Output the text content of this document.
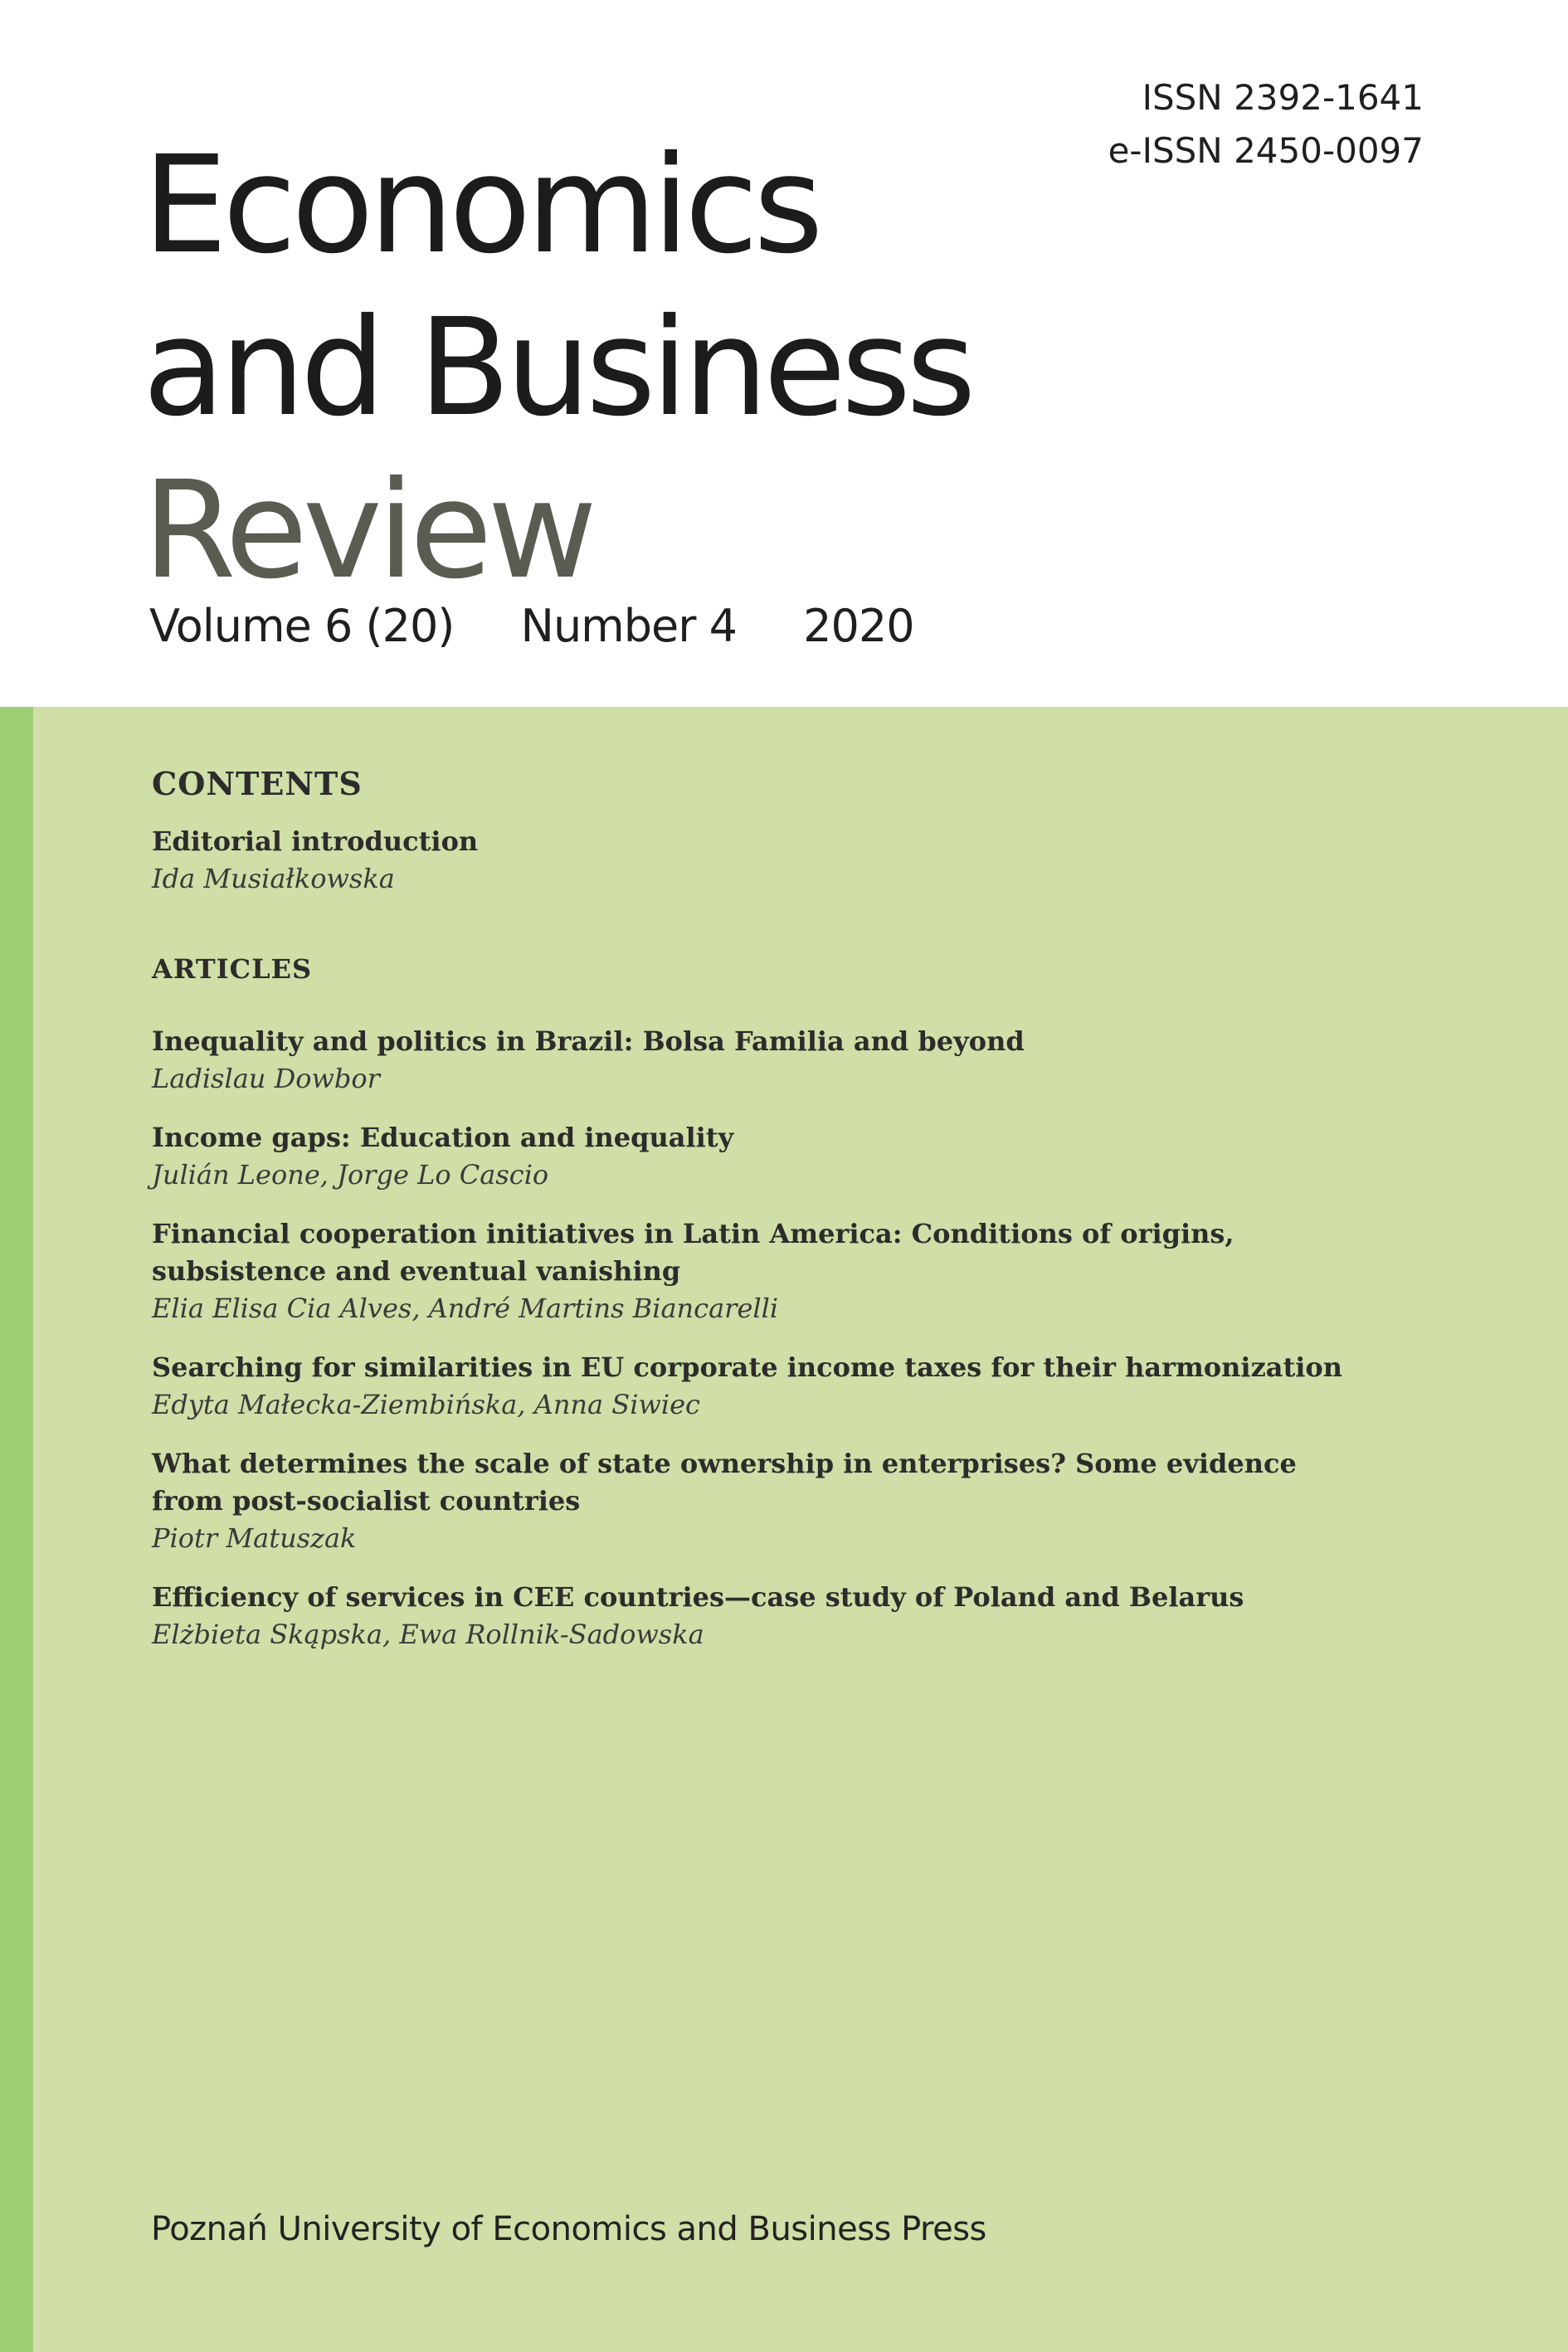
ISSN 2392-1641
e-ISSN 2450-0097
Economics
and Business
Review
Volume 6 (20) Number 4 2020
CONTENTS
Editorial introduction
Ida Musiałkowska
ARTICLES
Inequality and politics in Brazil: Bolsa Familia and beyond
Ladislau Dowbor
Income gaps: Education and inequality
Julián Leone, Jorge Lo Cascio
Financial cooperation initiatives in Latin America: Conditions of origins,
subsistence and eventual vanishing
Elia Elisa Cia Alves, André Martins Biancarelli
Searching for similarities in EU corporate income taxes for their harmonization
Edyta Małecka-Ziembińska, Anna Siwiec
What determines the scale of state ownership in enterprises? Some evidence
from post-socialist countries
Piotr Matuszak
Efficiency of services in CEE countries—case study of Poland and Belarus
Elżbieta Skąpska, Ewa Rollnik-Sadowska
Poznań University of Economics and Business Press
